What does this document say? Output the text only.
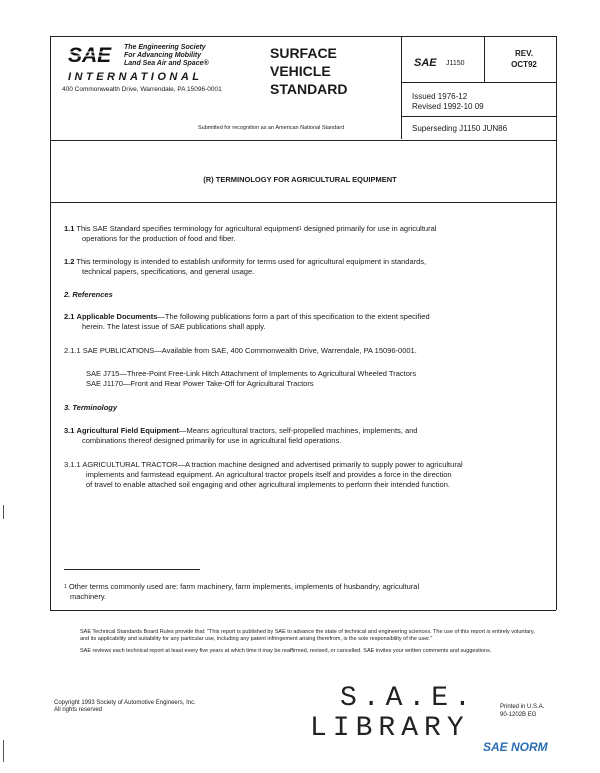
SAE The Engineering Society
For Advancing Mobility
Land Sea Air and Space®
INTERNATIONAL
400 Commonwealth Drive, Warrendale, PA 15096-0001
SURFACE
VEHICLE
STANDARD
SAE J1150
REV.
OCT92
Issued 1976-12
Revised 1992-10 09
Superseding J1150 JUN86
Submitted for recognition as an American National Standard
(R) TERMINOLOGY FOR AGRICULTURAL EQUIPMENT
1.1 This SAE Standard specifies terminology for agricultural equipment$^1$ designed primarily for use in agricultural
operations for the production of food and fiber.
1.2 This terminology is intended to establish uniformity for terms used for agricultural equipment in standards,
technical papers, specifications, and general usage.
2. References
2.1 Applicable Documents—The following publications form a part of this specification to the extent specified
herein. The latest issue of SAE publications shall apply.
2.1.1 SAE PUBLICATIONS—Available from SAE, 400 Commonwealth Drive, Warrendale, PA 15096-0001.
SAE J715—Three-Point Free-Link Hitch Attachment of Implements to Agricultural Wheeled Tractors
SAE J1170—Front and Rear Power Take-Off for Agricultural Tractors
3. Terminology
3.1 Agricultural Field Equipment—Means agricultural tractors, self-propelled machines, implements, and
combinations thereof designed primarily for use in agricultural field operations.
3.1.1 AGRICULTURAL TRACTOR—A traction machine designed and advertised primarily to supply power to agricultural
implements and farmstead equipment. An agricultural tractor propels itself and provides a force in the direction
of travel to enable attached soil engaging and other agricultural implements to perform their intended function.
$^1$ Other terms commonly used are: farm machinery, farm implements, implements of husbandry, agricultural
machinery.
SAE Technical Standards Board Rules provide that: "This report is published by SAE to advance the state of technical and engineering sciences. The use of this report is entirely voluntary, and its applicability and suitability for any particular use, including any patent infringement arising therefrom, is the sole responsibility of the user."
SAE reviews each technical report at least every five years at which time it may be reaffirmed, revised, or cancelled. SAE invites your written comments and suggestions.
Copyright 1993 Society of Automotive Engineers, Inc.
All rights reserved	S.A.E.
LIBRARY
Printed in U.S.A.
90-1202B EG
SAE NORM
